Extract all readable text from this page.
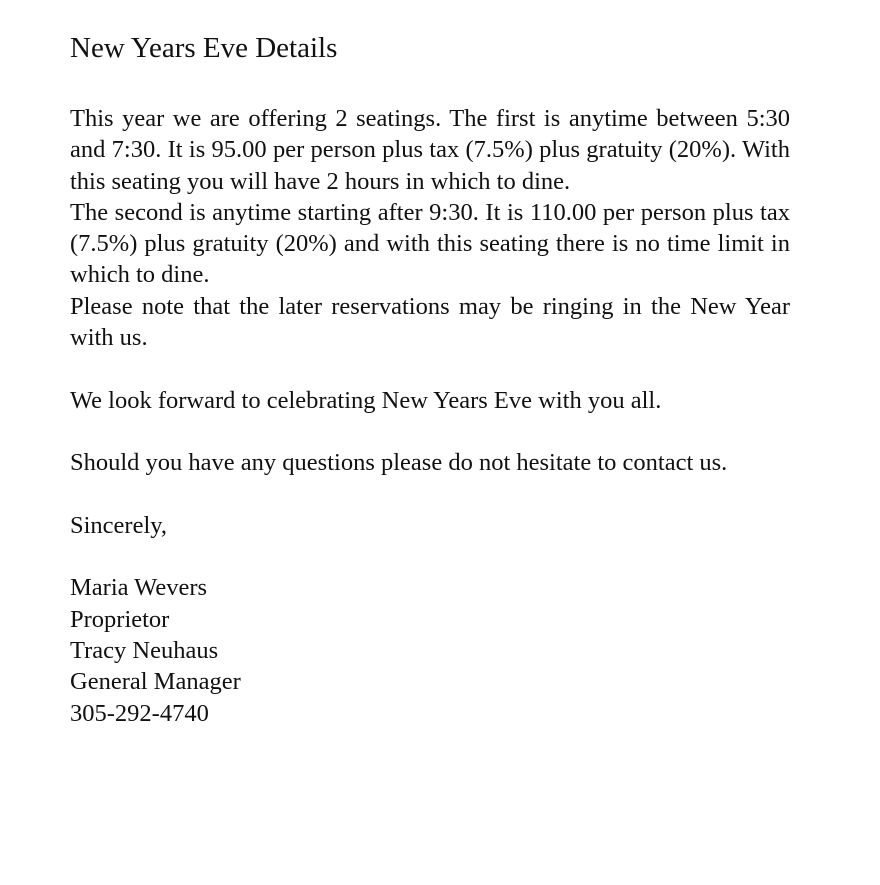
New Years Eve Details

This year we are offering 2 seatings. The first is anytime between 5:30 and 7:30. It is 95.00 per person plus tax (7.5%) plus gratuity (20%). With this seating you will have 2 hours in which to dine.

The second is anytime starting after 9:30. It is 110.00 per person plus tax (7.5%) plus gratuity (20%) and with this seating there is no time limit in which to dine.

Please note that the later reservations may be ringing in the New Year with us.

We look forward to celebrating New Years Eve with you all.

Should you have any questions please do not hesitate to contact us.

Sincerely,

Maria Wevers

Proprietor

Tracy Neuhaus

General Manager

305-292-4740
